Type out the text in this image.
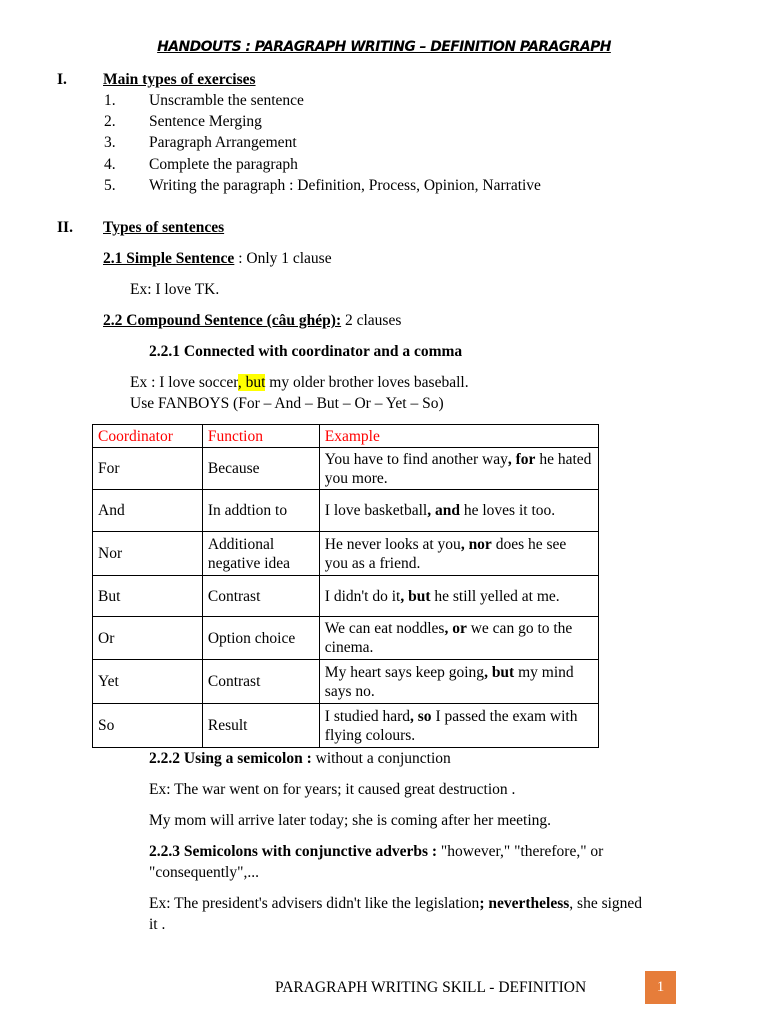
HANDOUTS : PARAGRAPH WRITING – DEFINITION PARAGRAPH
I. Main types of exercises
1. Unscramble the sentence
2. Sentence Merging
3. Paragraph Arrangement
4. Complete the paragraph
5. Writing the paragraph : Definition, Process, Opinion, Narrative
II. Types of sentences
2.1 Simple Sentence : Only 1 clause
Ex: I love TK.
2.2 Compound Sentence (câu ghép): 2 clauses
2.2.1 Connected with coordinator and a comma
Ex : I love soccer, but my older brother loves baseball.
Use FANBOYS (For – And – But – Or – Yet – So)
Coordinator	Function	Example
For	Because	You have to find another way, for he hated you more.
And	In addtion to	I love basketball, and he loves it too.
Nor	Additional negative idea	He never looks at you, nor does he see you as a friend.
But	Contrast	I didn't do it, but he still yelled at me.
Or	Option choice	We can eat noddles, or we can go to the cinema.
Yet	Contrast	My heart says keep going, but my mind says no.
So	Result	I studied hard, so I passed the exam with flying colours.
2.2.2 Using a semicolon : without a conjunction
Ex: The war went on for years; it caused great destruction .
My mom will arrive later today; she is coming after her meeting.
2.2.3 Semicolons with conjunctive adverbs : "however," "therefore," or
"consequently",...
Ex: The president's advisers didn't like the legislation; nevertheless, she signed
it .
PARAGRAPH WRITING SKILL - DEFINITION	1
